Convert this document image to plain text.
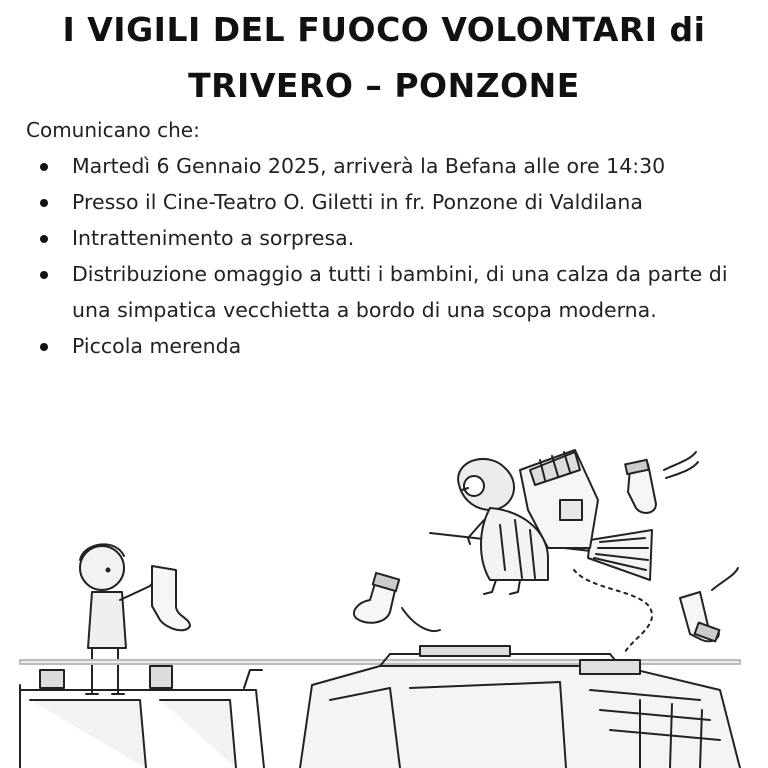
I VIGILI DEL FUOCO VOLONTARI di
TRIVERO – PONZONE
Comunicano che:
Martedì 6 Gennaio 2025, arriverà la Befana alle ore 14:30
Presso il Cine-Teatro O. Giletti in fr. Ponzone di Valdilana
Intrattenimento a sorpresa.
Distribuzione omaggio a tutti i bambini, di una calza da parte di una simpatica vecchietta a bordo di una scopa moderna.
Piccola merenda
